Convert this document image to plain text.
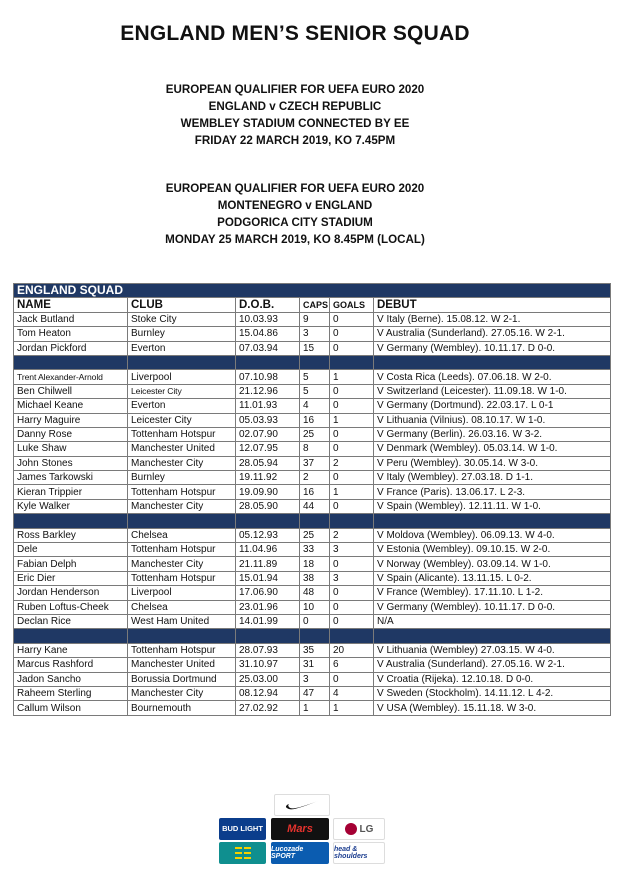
ENGLAND MEN’S SENIOR SQUAD
EUROPEAN QUALIFIER FOR UEFA EURO 2020
ENGLAND v CZECH REPUBLIC
WEMBLEY STADIUM CONNECTED BY EE
FRIDAY 22 MARCH 2019, KO 7.45PM
EUROPEAN QUALIFIER FOR UEFA EURO 2020
MONTENEGRO v ENGLAND
PODGORICA CITY STADIUM
MONDAY 25 MARCH 2019, KO 8.45PM (LOCAL)
ENGLAND SQUAD					
NAME	CLUB	D.O.B.	CAPS	GOALS	DEBUT
Jack Butland	Stoke City	10.03.93	9	0	V Italy (Berne). 15.08.12. W 2-1.
Tom Heaton	Burnley	15.04.86	3	0	V Australia (Sunderland). 27.05.16. W 2-1.
Jordan Pickford	Everton	07.03.94	15	0	V Germany (Wembley). 10.11.17. D 0-0.

Trent Alexander-Arnold	Liverpool	07.10.98	5	1	V Costa Rica (Leeds). 07.06.18. W 2-0.
Ben Chilwell	Leicester City	21.12.96	5	0	V Switzerland (Leicester). 11.09.18. W 1-0.
Michael Keane	Everton	11.01.93	4	0	V Germany (Dortmund). 22.03.17. L 0-1
Harry Maguire	Leicester City	05.03.93	16	1	V Lithuania (Vilnius). 08.10.17. W 1-0.
Danny Rose	Tottenham Hotspur	02.07.90	25	0	V Germany (Berlin). 26.03.16. W 3-2.
Luke Shaw	Manchester United	12.07.95	8	0	V Denmark (Wembley). 05.03.14. W 1-0.
John Stones	Manchester City	28.05.94	37	2	V Peru (Wembley). 30.05.14. W 3-0.
James Tarkowski	Burnley	19.11.92	2	0	V Italy (Wembley). 27.03.18. D 1-1.
Kieran Trippier	Tottenham Hotspur	19.09.90	16	1	V France (Paris). 13.06.17. L 2-3.
Kyle Walker	Manchester City	28.05.90	44	0	V Spain (Wembley). 12.11.11. W 1-0.

Ross Barkley	Chelsea	05.12.93	25	2	V Moldova (Wembley). 06.09.13. W 4-0.
Dele	Tottenham Hotspur	11.04.96	33	3	V Estonia (Wembley). 09.10.15. W 2-0.
Fabian Delph	Manchester City	21.11.89	18	0	V Norway (Wembley). 03.09.14. W 1-0.
Eric Dier	Tottenham Hotspur	15.01.94	38	3	V Spain (Alicante). 13.11.15. L 0-2.
Jordan Henderson	Liverpool	17.06.90	48	0	V France (Wembley). 17.11.10. L 1-2.
Ruben Loftus-Cheek	Chelsea	23.01.96	10	0	V Germany (Wembley). 10.11.17. D 0-0.
Declan Rice	West Ham United	14.01.99	0	0	N/A

Harry Kane	Tottenham Hotspur	28.07.93	35	20	V Lithuania (Wembley) 27.03.15. W 4-0.
Marcus Rashford	Manchester United	31.10.97	31	6	V Australia (Sunderland). 27.05.16. W 2-1.
Jadon Sancho	Borussia Dortmund	25.03.00	3	0	V Croatia (Rijeka). 12.10.18. D 0-0.
Raheem Sterling	Manchester City	08.12.94	47	4	V Sweden (Stockholm). 14.11.12. L 4-2.
Callum Wilson	Bournemouth	27.02.92	1	1	V USA (Wembley). 15.11.18. W 3-0.
BUD LIGHT	Mars	LG
Lucozade SPORT
head & shoulders
